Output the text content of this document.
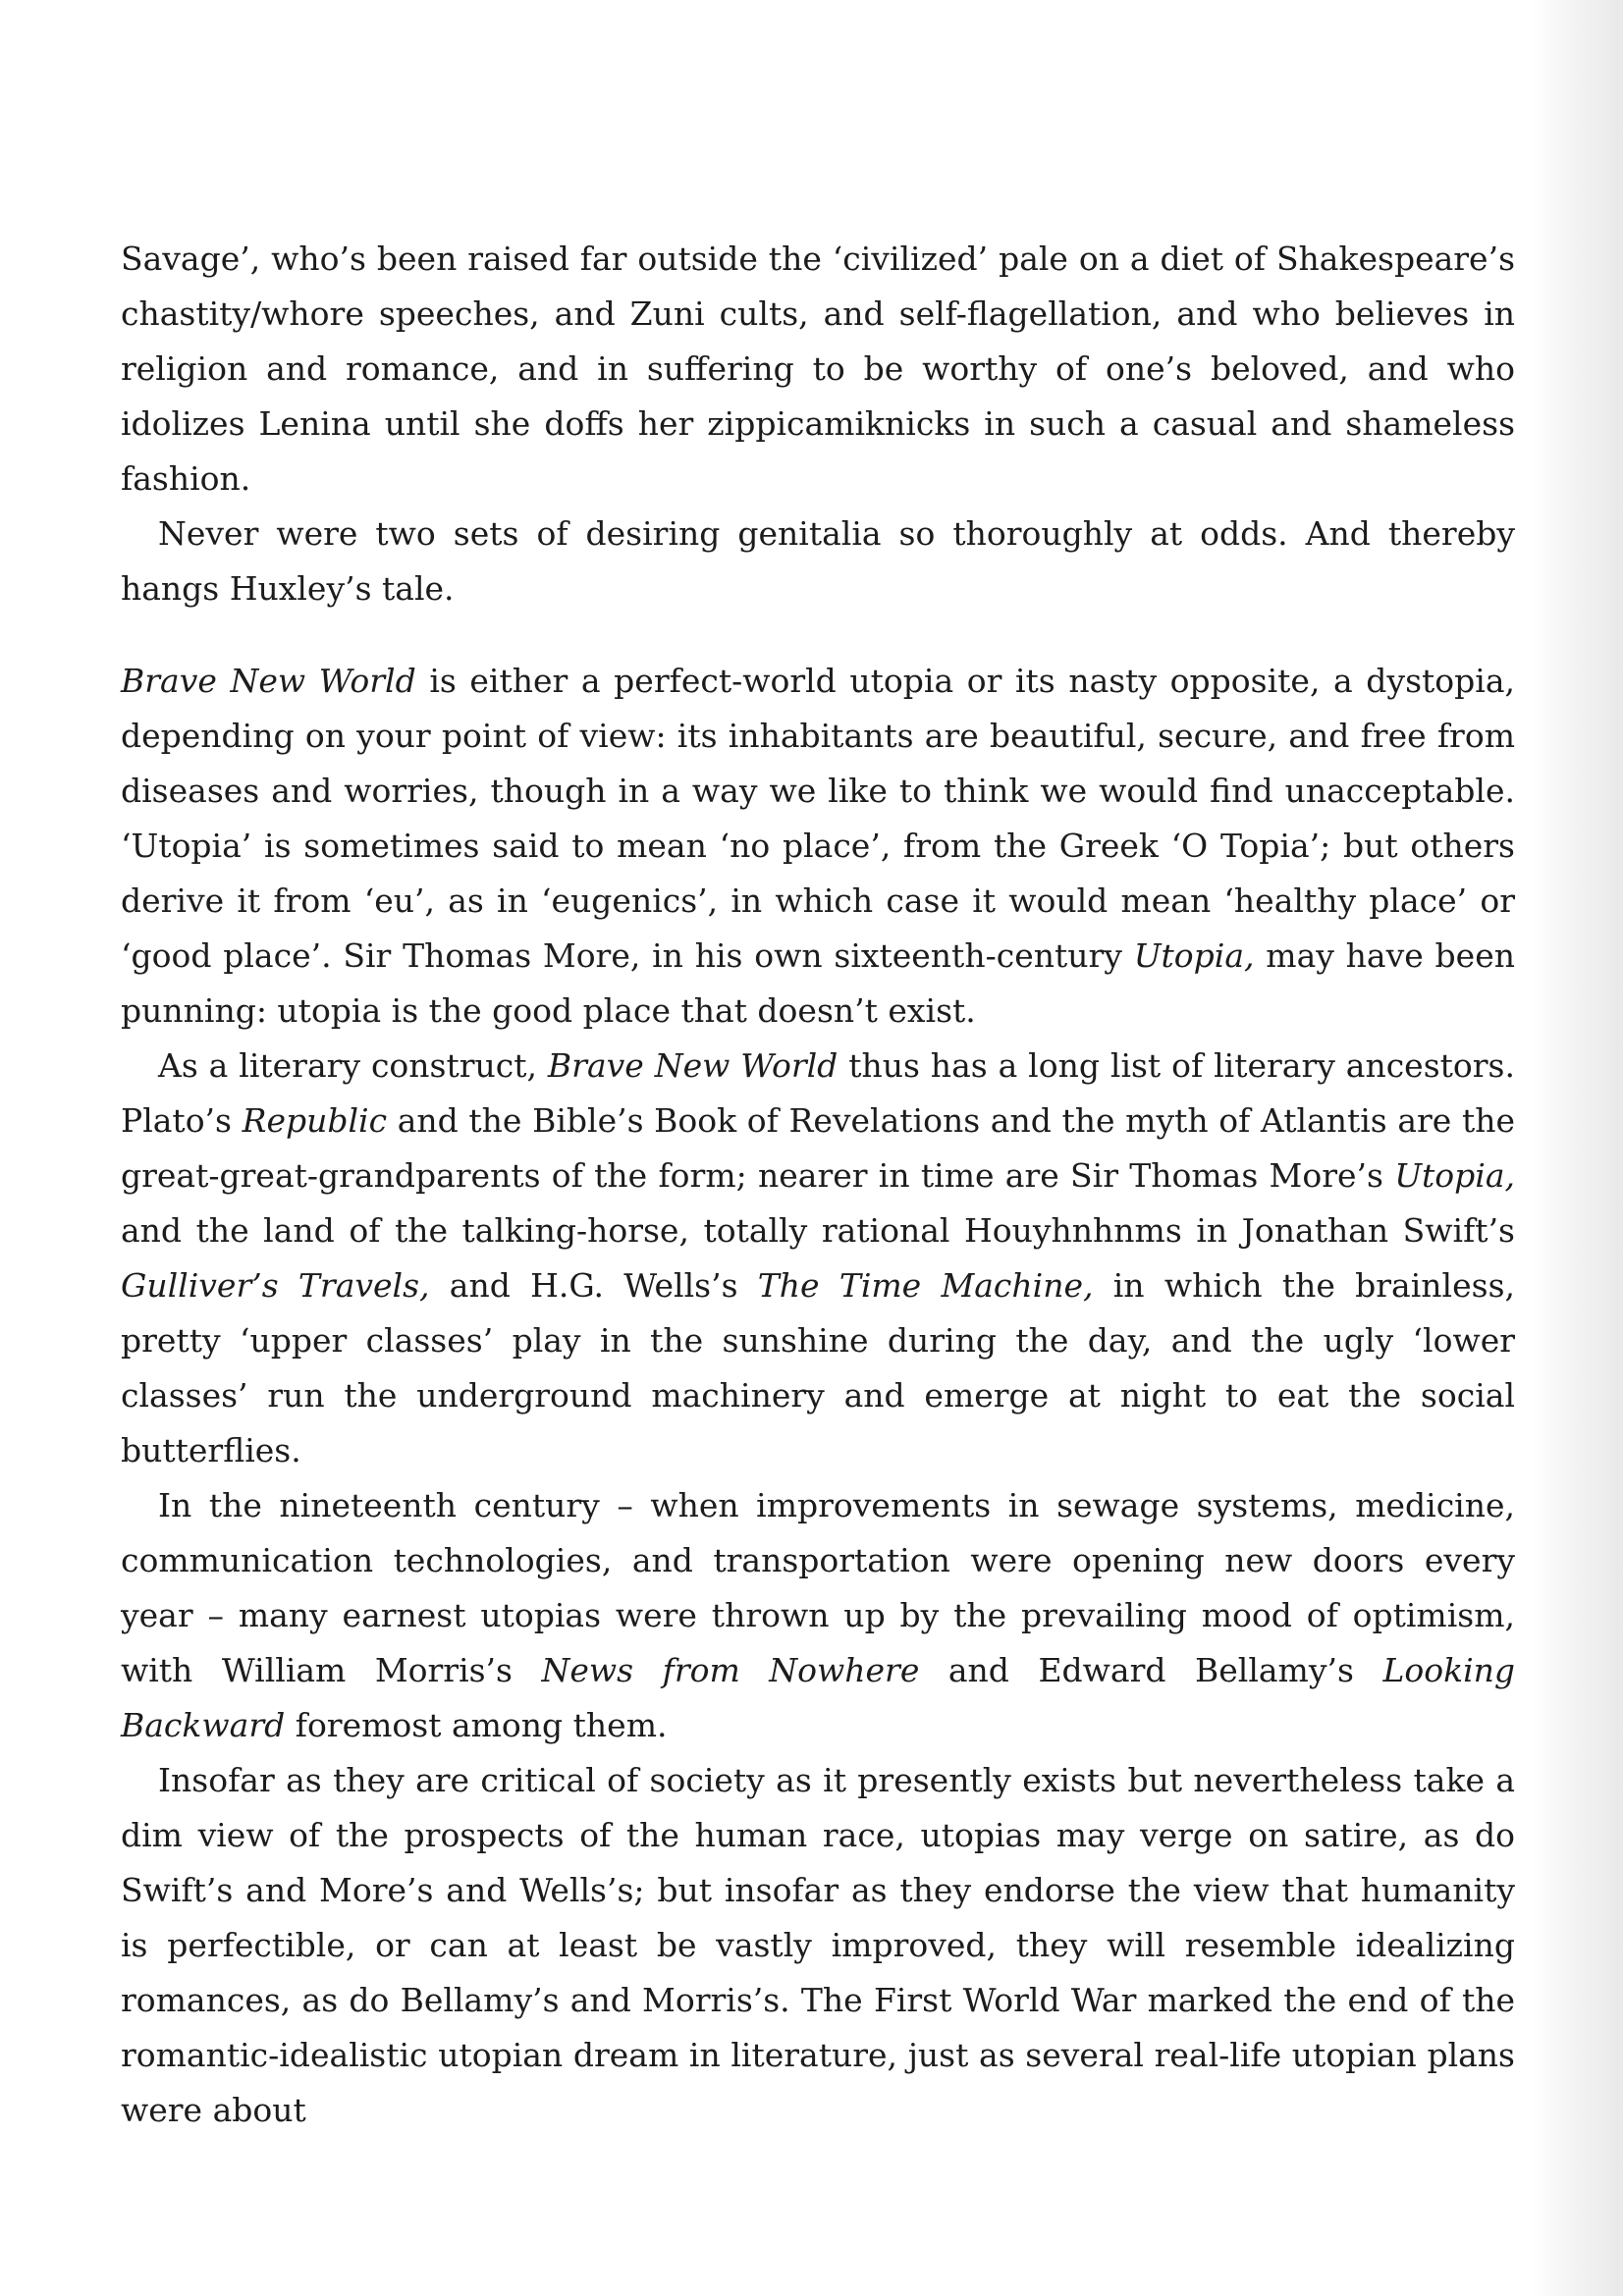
Savage’, who’s been raised far outside the ‘civilized’ pale on a diet of Shakespeare’s chastity/whore speeches, and Zuni cults, and self-flagellation, and who believes in religion and romance, and in suffering to be worthy of one’s beloved, and who idolizes Lenina until she doffs her zippicamiknicks in such a casual and shameless fashion.

Never were two sets of desiring genitalia so thoroughly at odds. And thereby hangs Huxley’s tale.

Brave New World is either a perfect-world utopia or its nasty opposite, a dystopia, depending on your point of view: its inhabitants are beautiful, secure, and free from diseases and worries, though in a way we like to think we would find unacceptable. ‘Utopia’ is sometimes said to mean ‘no place’, from the Greek ‘O Topia’; but others derive it from ‘eu’, as in ‘eugenics’, in which case it would mean ‘healthy place’ or ‘good place’. Sir Thomas More, in his own sixteenth-century Utopia, may have been punning: utopia is the good place that doesn’t exist.

As a literary construct, Brave New World thus has a long list of literary ancestors. Plato’s Republic and the Bible’s Book of Revelations and the myth of Atlantis are the great-great-grandparents of the form; nearer in time are Sir Thomas More’s Utopia, and the land of the talking-horse, totally rational Houyhnhnms in Jonathan Swift’s Gulliver’s Travels, and H.G. Wells’s The Time Machine, in which the brainless, pretty ‘upper classes’ play in the sunshine during the day, and the ugly ‘lower classes’ run the underground machinery and emerge at night to eat the social butterflies.

In the nineteenth century – when improvements in sewage systems, medicine, communication technologies, and transportation were opening new doors every year – many earnest utopias were thrown up by the prevailing mood of optimism, with William Morris’s News from Nowhere and Edward Bellamy’s Looking Backward foremost among them.

Insofar as they are critical of society as it presently exists but nevertheless take a dim view of the prospects of the human race, utopias may verge on satire, as do Swift’s and More’s and Wells’s; but insofar as they endorse the view that humanity is perfectible, or can at least be vastly improved, they will resemble idealizing romances, as do Bellamy’s and Morris’s. The First World War marked the end of the romantic-idealistic utopian dream in literature, just as several real-life utopian plans were about
